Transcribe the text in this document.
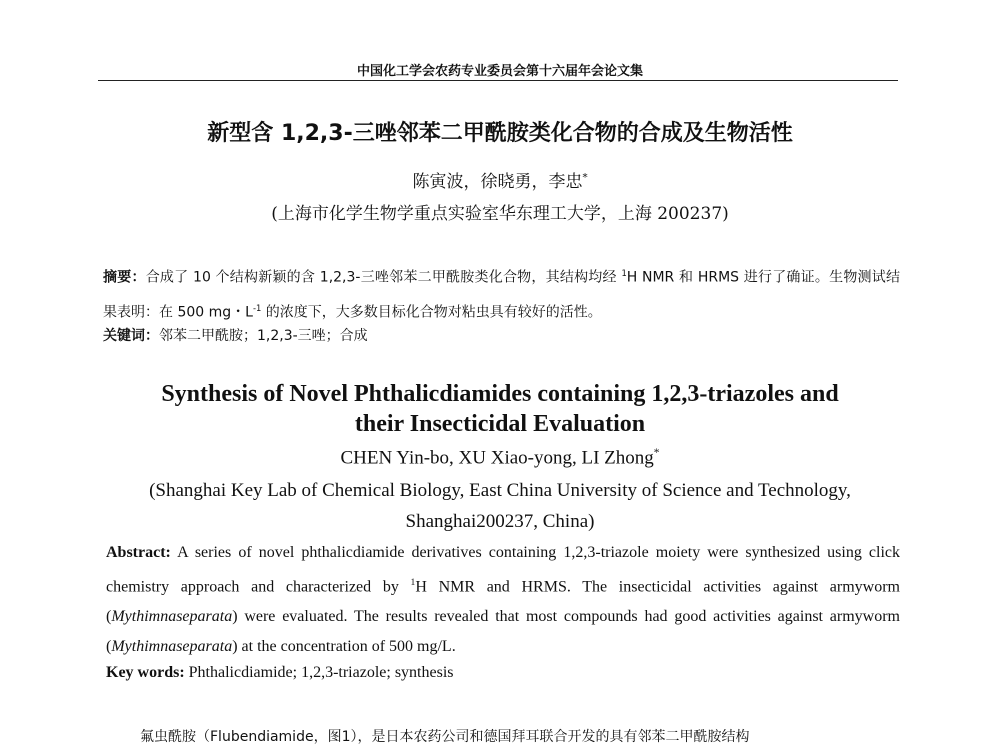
中国化工学会农药专业委员会第十六届年会论文集
新型含 1,2,3-三唑邻苯二甲酰胺类化合物的合成及生物活性
陈寅波，徐晓勇，李忠*
(上海市化学生物学重点实验室华东理工大学，上海 200237)
摘要：合成了 10 个结构新颖的含 1,2,3-三唑邻苯二甲酰胺类化合物，其结构均经 $^1$H NMR 和 HRMS 进行了确证。生物测试结果表明：在 500 mg・$L^{-1}$ 的浓度下，大多数目标化合物对粘虫具有较好的活性。
关键词：邻苯二甲酰胺；1,2,3-三唑；合成
Synthesis of Novel Phthalicdiamides containing 1,2,3-triazoles and
their Insecticidal Evaluation
CHEN Yin-bo, XU Xiao-yong, LI Zhong*
(Shanghai Key Lab of Chemical Biology, East China University of Science and Technology,
Shanghai200237, China)
Abstract: A series of novel phthalicdiamide derivatives containing 1,2,3-triazole moiety were synthesized using click chemistry approach and characterized by $^1$H NMR and HRMS. The insecticidal activities against armyworm (Mythimnaseparata) were evaluated. The results revealed that most compounds had good activities against armyworm (Mythimnaseparata) at the concentration of 500 mg/L.
Key words: Phthalicdiamide; 1,2,3-triazole; synthesis
氟虫酰胺（Flubendiamide，图1），是日本农药公司和德国拜耳联合开发的具有邻苯二甲酰胺结构
